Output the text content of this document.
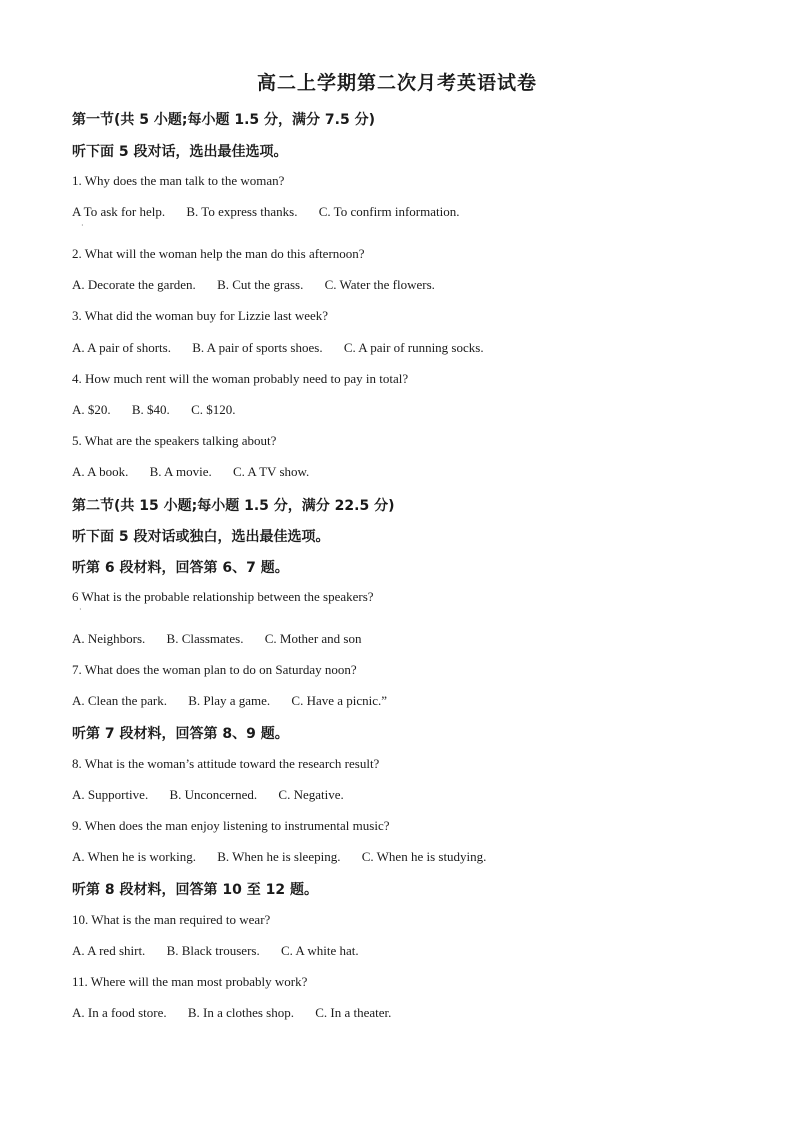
高二上学期第二次月考英语试卷
第一节(共 5 小题;每小题 1.5 分，满分 7.5 分)
听下面 5 段对话，选出最佳选项。
1. Why does the man talk to the woman?
A To ask for help. B. To express thanks. C. To confirm information.
·
2. What will the woman help the man do this afternoon?
A. Decorate the garden. B. Cut the grass. C. Water the flowers.
3. What did the woman buy for Lizzie last week?
A. A pair of shorts. B. A pair of sports shoes. C. A pair of running socks.
4. How much rent will the woman probably need to pay in total?
A. $20. B. $40. C. $120.
5. What are the speakers talking about?
A. A book. B. A movie. C. A TV show.
第二节(共 15 小题;每小题 1.5 分，满分 22.5 分)
听下面 5 段对话或独白，选出最佳选项。
听第 6 段材料，回答第 6、7 题。
6 What is the probable relationship between the speakers?
·
A. Neighbors. B. Classmates. C. Mother and son
7. What does the woman plan to do on Saturday noon?
A. Clean the park. B. Play a game. C. Have a picnic.”
听第 7 段材料，回答第 8、9 题。
8. What is the woman’s attitude toward the research result?
A. Supportive. B. Unconcerned. C. Negative.
9. When does the man enjoy listening to instrumental music?
A. When he is working. B. When he is sleeping. C. When he is studying.
听第 8 段材料，回答第 10 至 12 题。
10. What is the man required to wear?
A. A red shirt. B. Black trousers. C. A white hat.
11. Where will the man most probably work?
A. In a food store. B. In a clothes shop. C. In a theater.
